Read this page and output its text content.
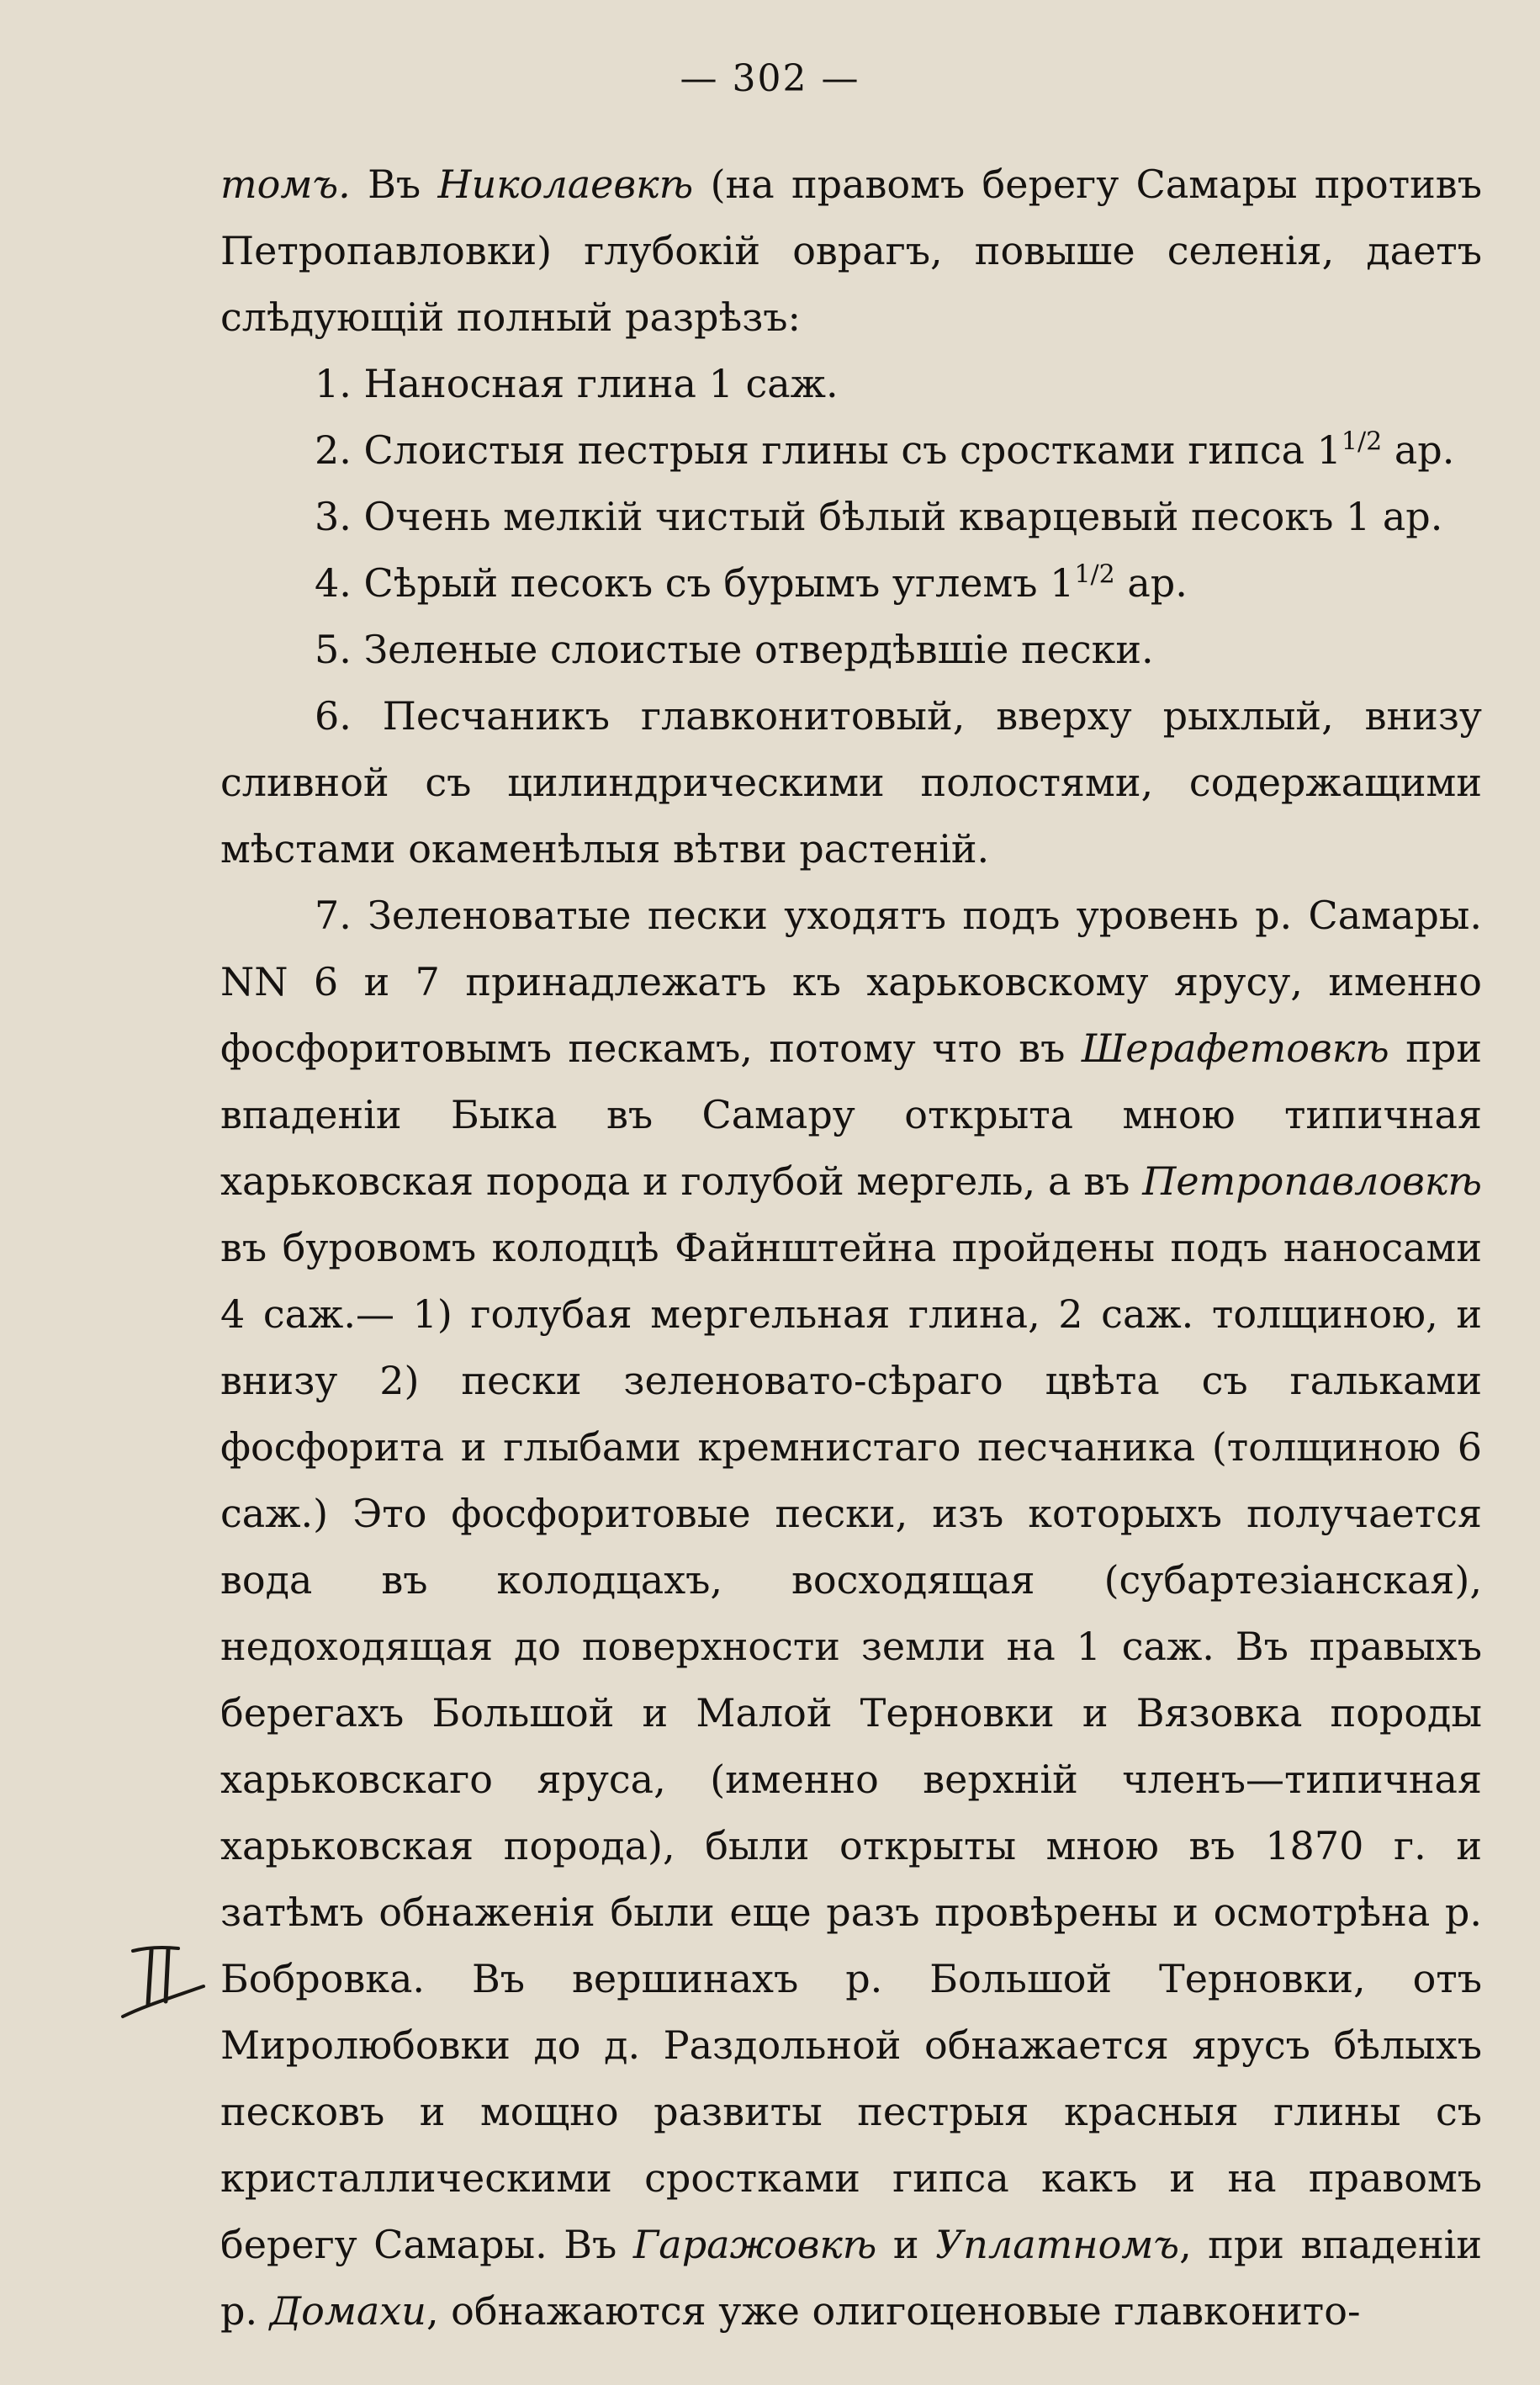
— 302 —

томъ. Въ Николаевкѣ (на правомъ берегу Самары противъ Петропавловки) глубокій оврагъ, повыше селенія, даетъ слѣдующій полный разрѣзъ:

1. Наносная глина 1 саж.

2. Слоистыя пестрыя глины съ сростками гипса $1^{1/2}$ ар.

3. Очень мелкій чистый бѣлый кварцевый песокъ 1 ар.

4. Сѣрый песокъ съ бурымъ углемъ $1^{1/2}$ ар.

5. Зеленые слоистые отвердѣвшіе пески.

6. Песчаникъ главконитовый, вверху рыхлый, внизу сливной съ цилиндрическими полостями, содержащими мѣстами окаменѣлыя вѣтви растеній.

7. Зеленоватые пески уходятъ подъ уровень р. Самары. NN 6 и 7 принадлежатъ къ харьковскому ярусу, именно фосфоритовымъ пескамъ, потому что въ Шерафетовкѣ при впаденіи Быка въ Самару открыта мною типичная харьковская порода и голубой мергель, а въ Петропавловкѣ въ буровомъ колодцѣ Файнштейна пройдены подъ наносами 4 саж.— 1) голубая мергельная глина, 2 саж. толщиною, и внизу 2) пески зеленовато-сѣраго цвѣта съ гальками фосфорита и глыбами кремнистаго песчаника (толщиною 6 саж.) Это фосфоритовые пески, изъ которыхъ получается вода въ колодцахъ, восходящая (субартезіанская), недоходящая до поверхности земли на 1 саж. Въ правыхъ берегахъ Большой и Малой Терновки и Вязовка породы харьковскаго яруса, (именно верхній членъ—типичная харьковская порода), были открыты мною въ 1870 г. и затѣмъ обнаженія были еще разъ провѣрены и осмотрѣна р. Бобровка. Въ вершинахъ р. Большой Терновки, отъ Миролюбовки до д. Раздольной обнажается ярусъ бѣлыхъ песковъ и мощно развиты пестрыя красныя глины съ кристаллическими сростками гипса какъ и на правомъ берегу Самары. Въ Гаражовкѣ и Уплатномъ, при впаденіи р. Домахи, обнажаются уже олигоценовые главконито-
